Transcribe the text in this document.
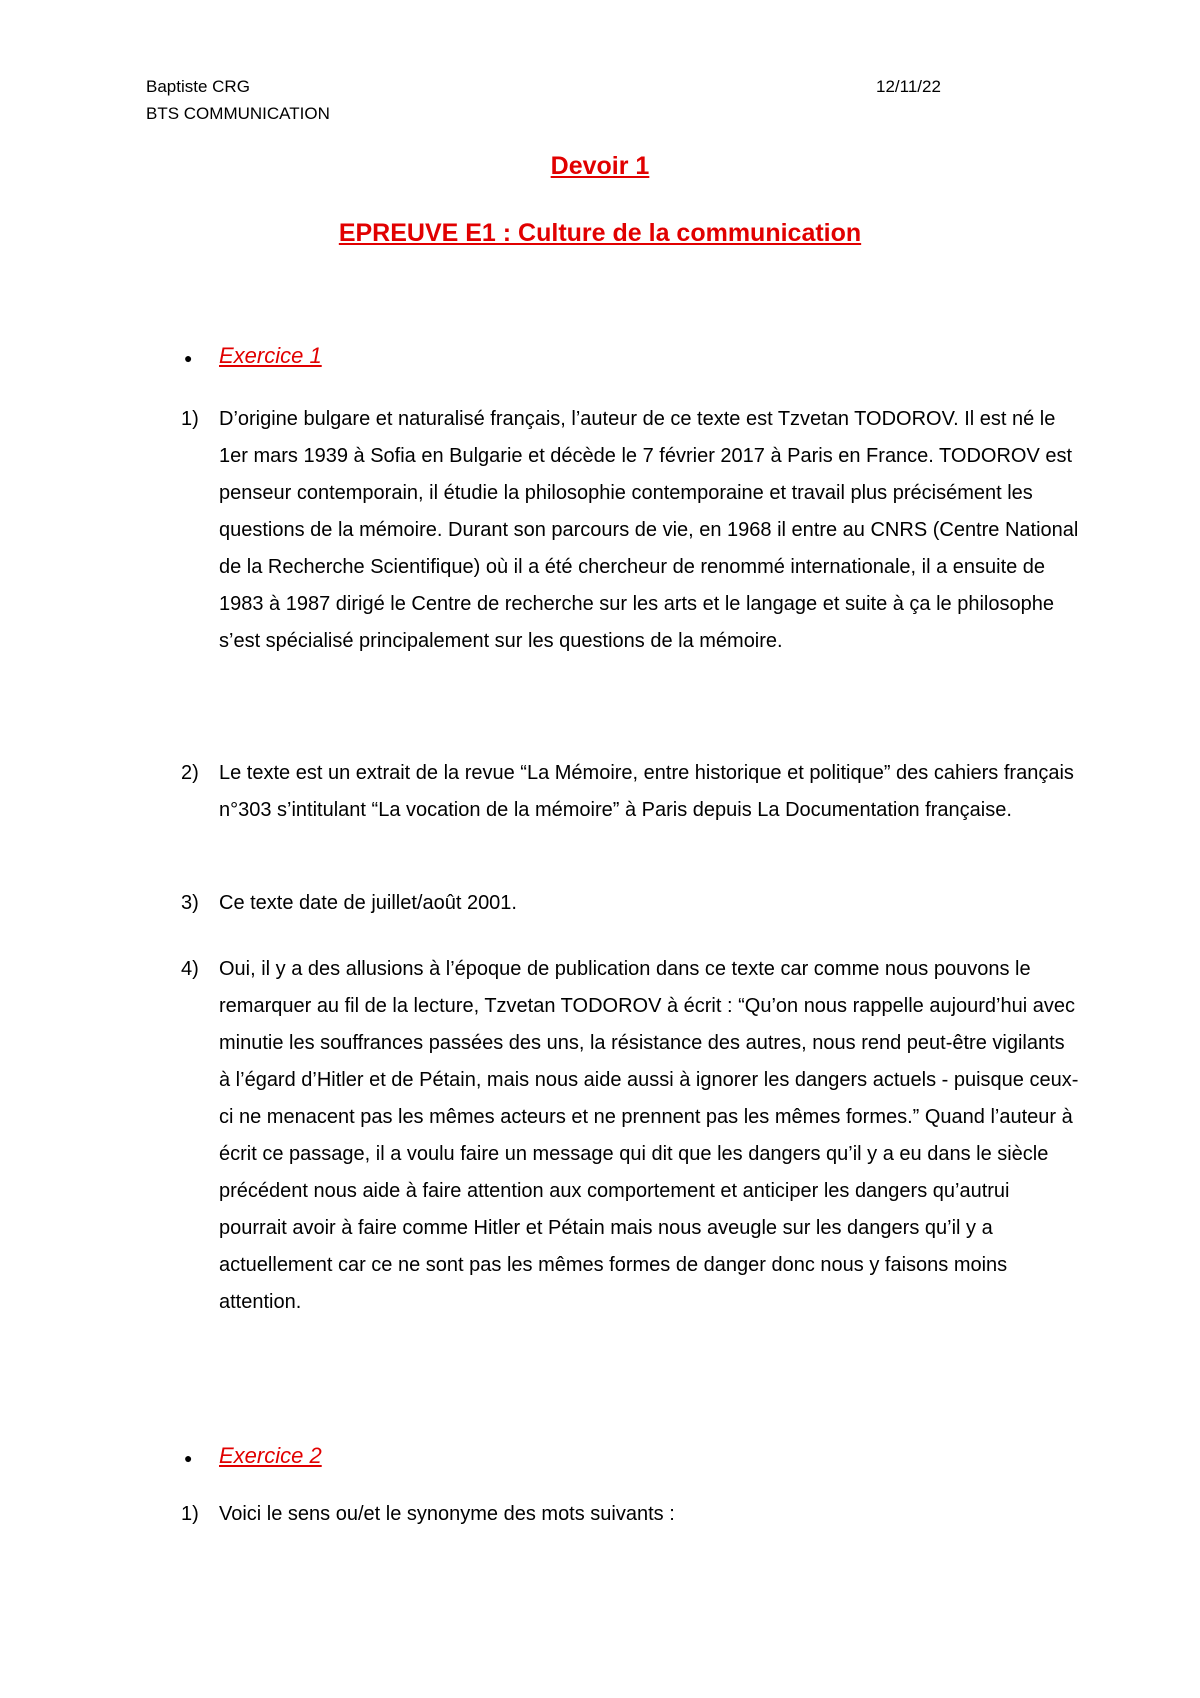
Baptiste CRG
BTS COMMUNICATION
12/11/22
Devoir 1
EPREUVE E1 : Culture de la communication
● Exercice 1
1) D’origine bulgare et naturalisé français, l’auteur de ce texte est Tzvetan TODOROV. Il est né le 1er mars 1939 à Sofia en Bulgarie et décède le 7 février 2017 à Paris en France. TODOROV est penseur contemporain, il étudie la philosophie contemporaine et travail plus précisément les questions de la mémoire. Durant son parcours de vie, en 1968 il entre au CNRS (Centre National de la Recherche Scientifique) où il a été chercheur de renommé internationale, il a ensuite de 1983 à 1987 dirigé le Centre de recherche sur les arts et le langage et suite à ça le philosophe s’est spécialisé principalement sur les questions de la mémoire.

2) Le texte est un extrait de la revue “La Mémoire, entre historique et politique” des cahiers français n°303 s’intitulant “La vocation de la mémoire” à Paris depuis La Documentation française.

3) Ce texte date de juillet/août 2001.

4) Oui, il y a des allusions à l’époque de publication dans ce texte car comme nous pouvons le remarquer au fil de la lecture, Tzvetan TODOROV à écrit : “Qu’on nous rappelle aujourd’hui avec minutie les souffrances passées des uns, la résistance des autres, nous rend peut-être vigilants à l’égard d’Hitler et de Pétain, mais nous aide aussi à ignorer les dangers actuels - puisque ceux-ci ne menacent pas les mêmes acteurs et ne prennent pas les mêmes formes.” Quand l’auteur à écrit ce passage, il a voulu faire un message qui dit que les dangers qu’il y a eu dans le siècle précédent nous aide à faire attention aux comportement et anticiper les dangers qu’autrui pourrait avoir à faire comme Hitler et Pétain mais nous aveugle sur les dangers qu’il y a actuellement car ce ne sont pas les mêmes formes de danger donc nous y faisons moins attention.

● Exercice 2
1) Voici le sens ou/et le synonyme des mots suivants :
